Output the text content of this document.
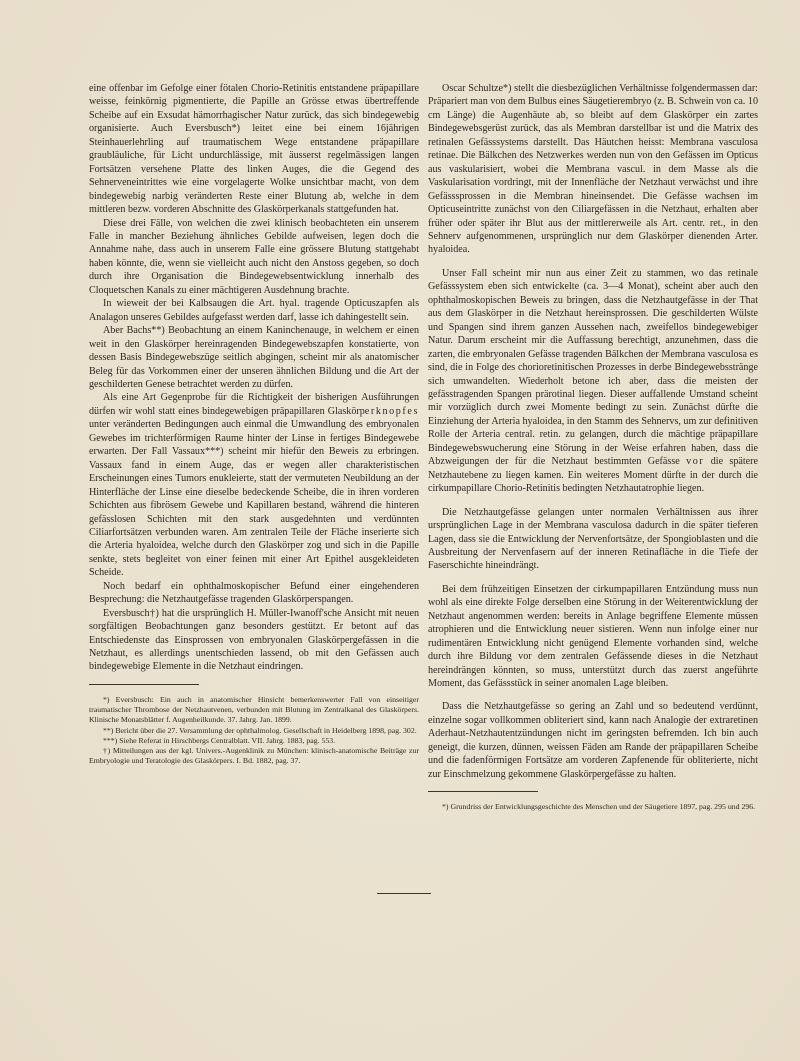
eine offenbar im Gefolge einer fötalen Chorio-Retinitis entstandene präpapillare weisse, feinkörnig pigmentierte, die Papille an Grösse etwas übertreffende Scheibe auf ein Exsudat hämorrhagischer Natur zurück, das sich bindegewebig organisierte. Auch Eversbusch*) leitet eine bei einem 16jährigen Steinhauerlehrling auf traumatischem Wege entstandene präpapillare graubläuliche, für Licht undurchlässige, mit äusserst regelmässigen langen Fortsätzen versehene Platte des linken Auges, die die Gegend des Sehnerveneintrittes wie eine vorgelagerte Wolke unsichtbar macht, von dem bindegewebig narbig veränderten Reste einer Blutung ab, welche in dem mittleren bezw. vorderen Abschnitte des Glaskörperkanals stattgefunden hat.

Diese drei Fälle, von welchen die zwei klinisch beobachteten ein unserem Falle in mancher Beziehung ähnliches Gebilde aufweisen, legen doch die Annahme nahe, dass auch in unserem Falle eine grössere Blutung stattgehabt haben könnte, die, wenn sie vielleicht auch nicht den Anstoss gegeben, so doch durch ihre Organisation die Bindegewebsentwicklung innerhalb des Cloquetschen Kanals zu einer mächtigeren Ausdehnung brachte.

In wieweit der bei Kalbsaugen die Art. hyal. tragende Opticuszapfen als Analagon unseres Gebildes aufgefasst werden darf, lasse ich dahingestellt sein.

Aber Bachs**) Beobachtung an einem Kaninchenauge, in welchem er einen weit in den Glaskörper hereinragenden Bindegewebszapfen konstatierte, von dessen Basis Bindegewebszüge seitlich abgingen, scheint mir als anatomischer Beleg für das Vorkommen einer der unseren ähnlichen Bildung und die Art der geschilderten Genese betrachtet werden zu dürfen.

Als eine Art Gegenprobe für die Richtigkeit der bisherigen Ausführungen dürfen wir wohl statt eines bindegewebigen präpapillaren Glaskörperknopfes unter veränderten Bedingungen auch einmal die Umwandlung des embryonalen Gewebes im trichterförmigen Raume hinter der Linse in fertiges Bindegewebe erwarten. Der Fall Vassaux***) scheint mir hiefür den Beweis zu erbringen. Vassaux fand in einem Auge, das er wegen aller charakteristischen Erscheinungen eines Tumors enukleierte, statt der vermuteten Neubildung an der Hinterfläche der Linse eine dieselbe bedeckende Scheibe, die in ihren vorderen Schichten aus fibrösem Gewebe und Kapillaren bestand, während die hinteren gefässlosen Schichten mit den stark ausgedehnten und verdünnten Ciliarfortsätzen verbunden waren. Am zentralen Teile der Fläche inserierte sich die Arteria hyaloidea, welche durch den Glaskörper zog und sich in die Papille senkte, stets begleitet von einer feinen mit einer Art Epithel ausgekleideten Scheide.

Noch bedarf ein ophthalmoskopischer Befund einer eingehenderen Besprechung: die Netzhautgefässe tragenden Glaskörperspangen.

Eversbusch†) hat die ursprünglich H. Müller-Iwanoff'sche Ansicht mit neuen sorgfältigen Beobachtungen ganz besonders gestützt. Er betont auf das Entschiedenste das Einsprossen von embryonalen Glaskörpergefässen in die Netzhaut, es allerdings unentschieden lassend, ob mit den Gefässen auch bindegewebige Elemente in die Netzhaut eindringen.

*) Eversbusch: Ein auch in anatomischer Hinsicht bemerkenswerter Fall von einseitiger traumatischer Thrombose der Netzhautvenen, verbunden mit Blutung im Zentralkanal des Glaskörpers. Klinische Monatsblätter f. Augenheilkunde. 37. Jahrg. Jan. 1899.

**) Bericht über die 27. Versammlung der ophthalmolog. Gesellschaft in Heidelberg 1898, pag. 302.

***) Siehe Referat in Hirschbergs Centralblatt. VII. Jahrg. 1883, pag. 553.

†) Mitteilungen aus der kgl. Univers.-Augenklinik zu München: klinisch-anatomische Beiträge zur Embryologie und Teratologie des Glaskörpers. I. Bd. 1882, pag. 37.

Oscar Schultze*) stellt die diesbezüglichen Verhältnisse folgendermassen dar: Präpariert man von dem Bulbus eines Säugetierembryo (z. B. Schwein von ca. 10 cm Länge) die Augenhäute ab, so bleibt auf dem Glaskörper ein zartes Bindegewebsgerüst zurück, das als Membran darstellbar ist und die Matrix des retinalen Gefässsystems darstellt. Das Häutchen heisst: Membrana vasculosa retinae. Die Bälkchen des Netzwerkes werden nun von den Gefässen im Opticus aus vaskularisiert, wobei die Membrana vascul. in dem Masse als die Vaskularisation vordringt, mit der Innenfläche der Netzhaut verwächst und ihre Gefässsprossen in die Membran hineinsendet. Die Gefässe wachsen im Opticuseintritte zunächst von den Ciliargefässen in die Netzhaut, erhalten aber früher oder später ihr Blut aus der mittlererweile als Art. centr. ret., in den Sehnerv aufgenommenen, ursprünglich nur dem Glaskörper dienenden Arter. hyaloidea.

Unser Fall scheint mir nun aus einer Zeit zu stammen, wo das retinale Gefässsystem eben sich entwickelte (ca. 3—4 Monat), scheint aber auch den ophthalmoskopischen Beweis zu bringen, dass die Netzhautgefässe in der That aus dem Glaskörper in die Netzhaut hereinsprossen. Die geschilderten Wülste und Spangen sind ihrem ganzen Aussehen nach, zweifellos bindegewebiger Natur. Darum erscheint mir die Auffassung berechtigt, anzunehmen, dass die zarten, die embryonalen Gefässe tragenden Bälkchen der Membrana vasculosa es sind, die in Folge des chorioretinitischen Prozesses in derbe Bindegewebsstränge sich umwandelten. Wiederholt betone ich aber, dass die meisten der gefässtragenden Spangen prärotinal liegen. Dieser auffallende Umstand scheint mir vorzüglich durch zwei Momente bedingt zu sein. Zunächst dürfte die Einziehung der Arteria hyaloidea, in den Stamm des Sehnervs, um zur definitiven Rolle der Arteria central. retin. zu gelangen, durch die mächtige präpapillare Bindegewebswucherung eine Störung in der Weise erfahren haben, dass die Abzweigungen der für die Netzhaut bestimmten Gefässe vor die spätere Netzhautebene zu liegen kamen. Ein weiteres Moment dürfte in der durch die cirkumpapillare Chorio-Retinitis bedingten Netzhautatrophie liegen.

Die Netzhautgefässe gelangen unter normalen Verhältnissen aus ihrer ursprünglichen Lage in der Membrana vasculosa dadurch in die später tieferen Lagen, dass sie die Entwicklung der Nervenfortsätze, der Spongioblasten und die Ausbreitung der Nervenfasern auf der inneren Retinafläche in die Tiefe der Faserschichte hineindrängt.

Bei dem frühzeitigen Einsetzen der cirkumpapillaren Entzündung muss nun wohl als eine direkte Folge derselben eine Störung in der Weiterentwicklung der Netzhaut angenommen werden: bereits in Anlage begriffene Elemente müssen atrophieren und die Entwicklung neuer sistieren. Wenn nun infolge einer nur rudimentären Entwicklung nicht genügend Elemente vorhanden sind, welche durch ihre Bildung vor dem zentralen Gefässende dieses in die Netzhaut hereindrängen könnten, so muss, unterstützt durch das zuerst angeführte Moment, das Gefässstück in seiner anomalen Lage bleiben.

Dass die Netzhautgefässe so gering an Zahl und so bedeutend verdünnt, einzelne sogar vollkommen obliteriert sind, kann nach Analogie der extraretinen Aderhaut-Netzhautentzündungen nicht im geringsten befremden. Ich bin auch geneigt, die kurzen, dünnen, weissen Fäden am Rande der präpapillaren Scheibe und die fadenförmigen Fortsätze am vorderen Zapfenende für obliterierte, nicht zur Einschmelzung gekommene Glaskörpergefässe zu halten.

*) Grundriss der Entwicklungsgeschichte des Menschen und der Säugetiere 1897, pag. 295 und 296.
